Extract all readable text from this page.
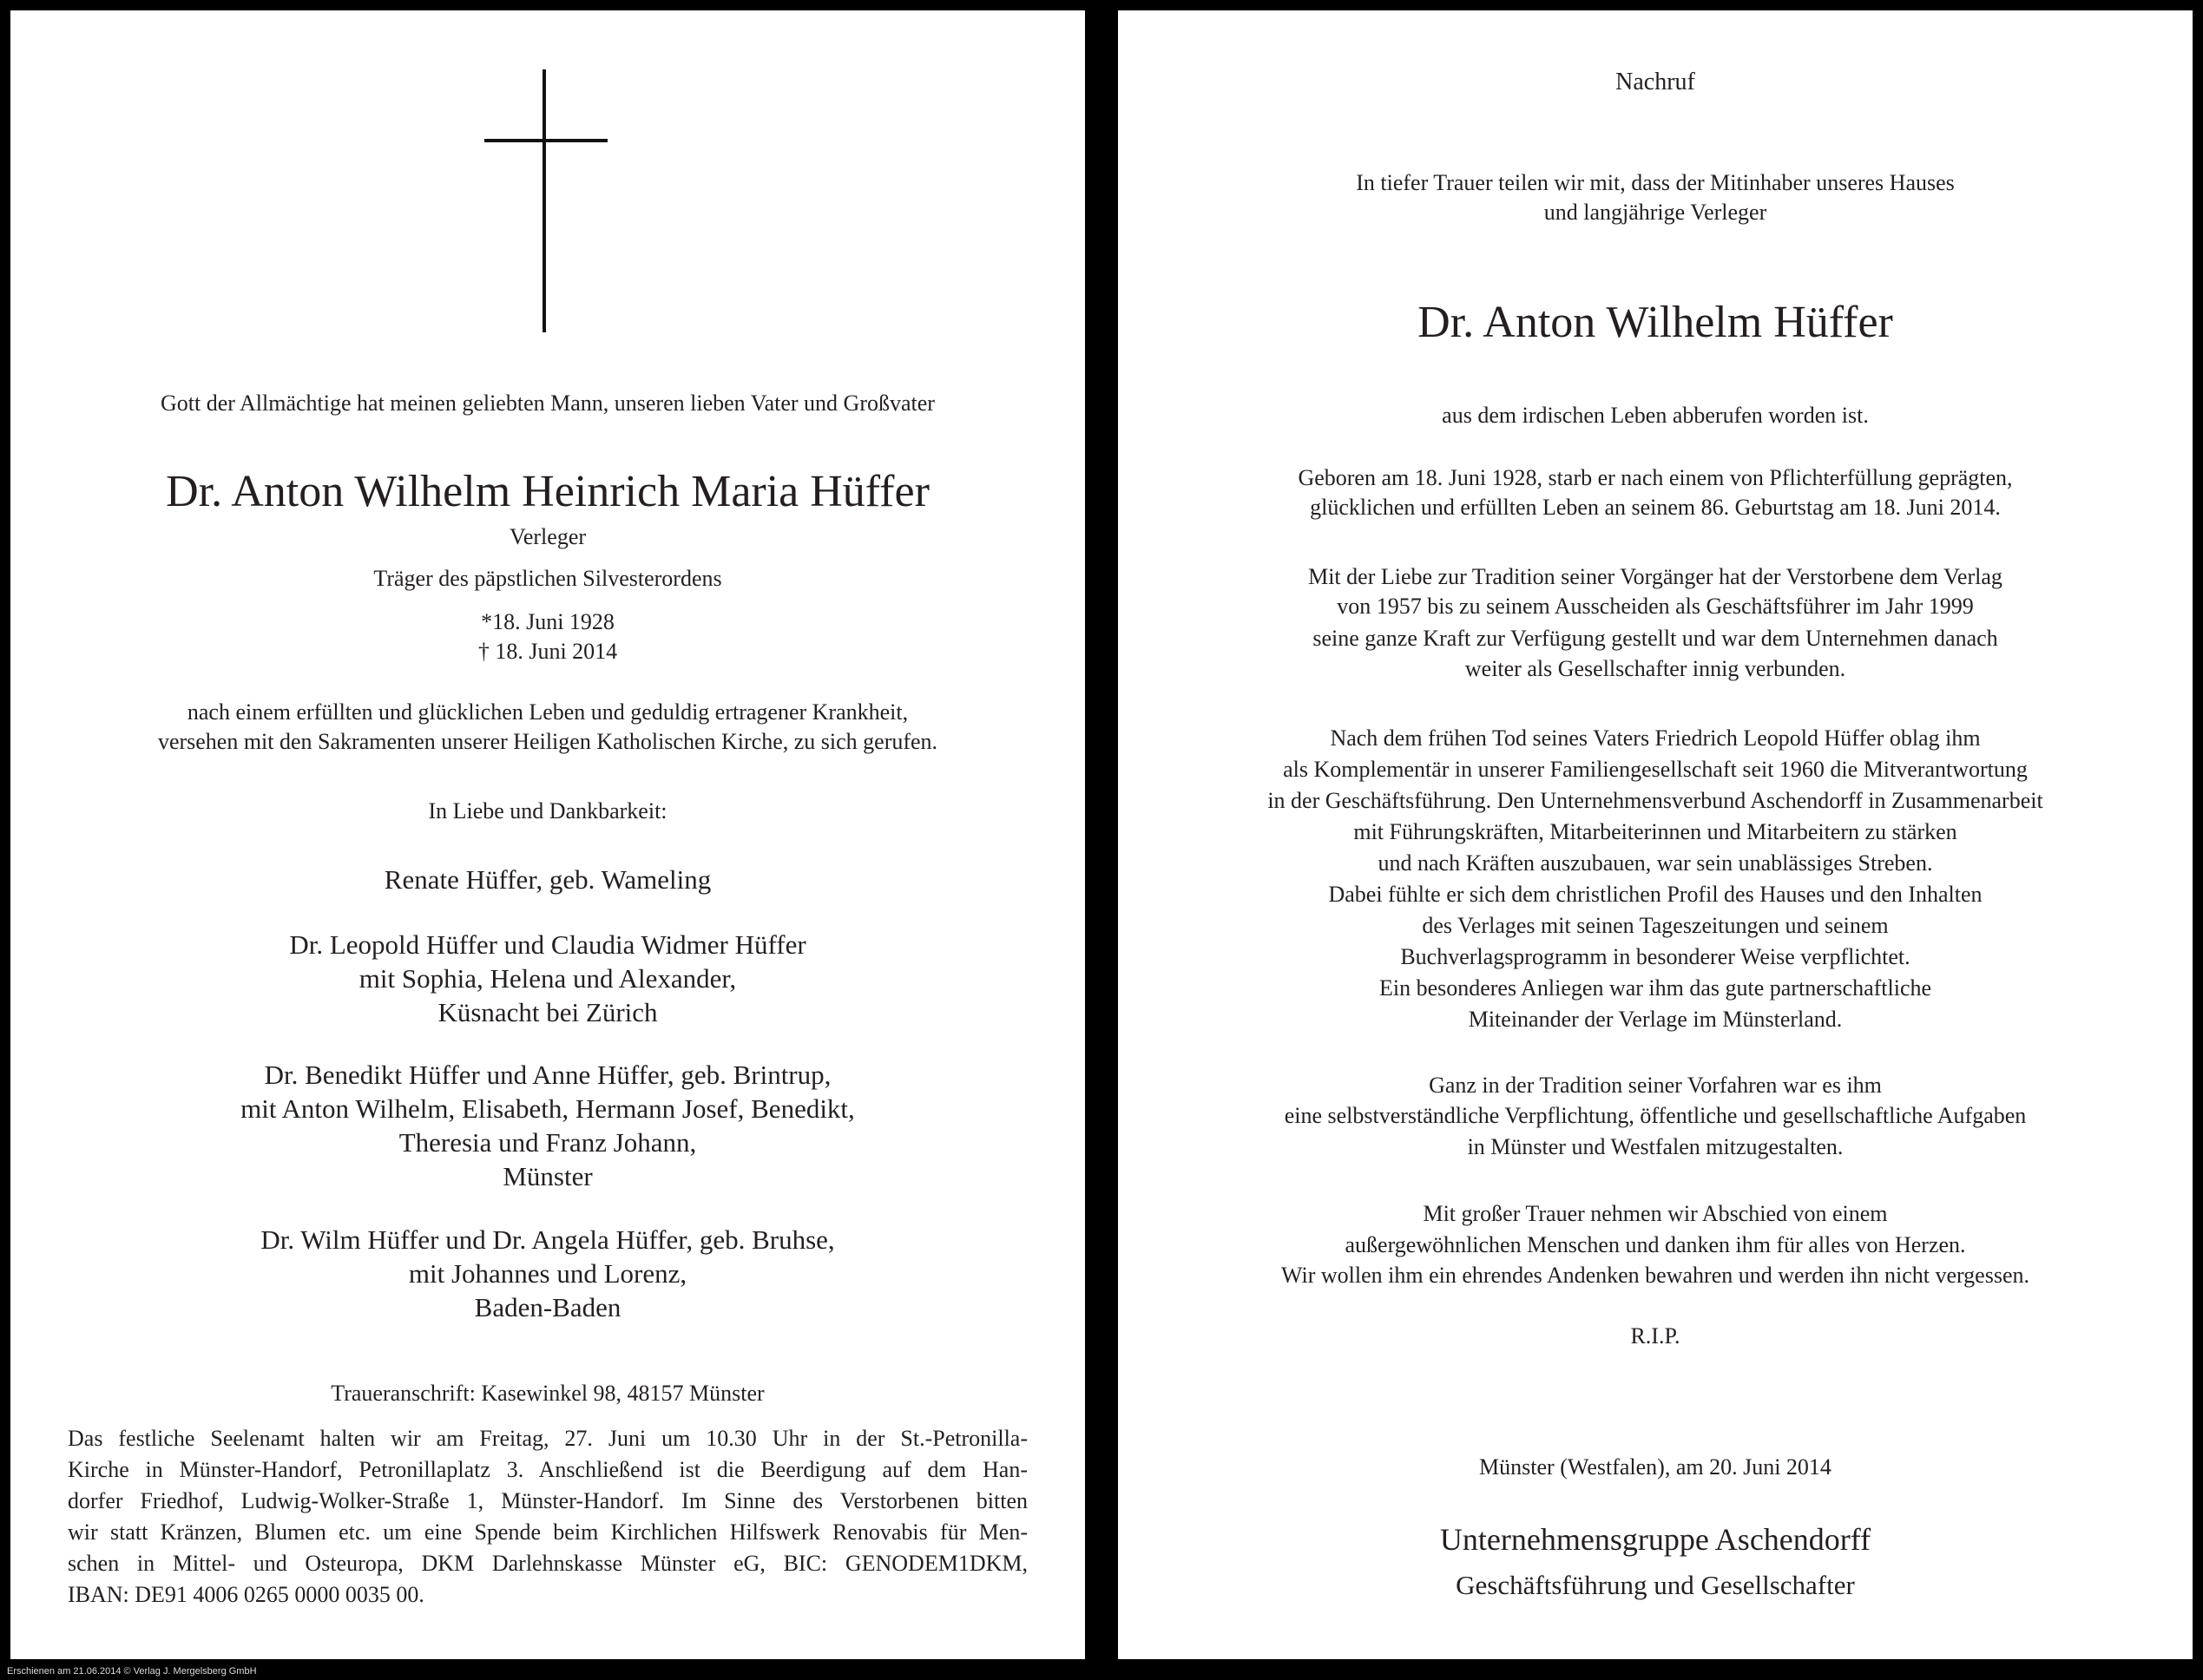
Gott der Allmächtige hat meinen geliebten Mann, unseren lieben Vater und Großvater

Dr. Anton Wilhelm Heinrich Maria Hüffer

Verleger

Träger des päpstlichen Silvesterordens

*18. Juni 1928

† 18. Juni 2014

nach einem erfüllten und glücklichen Leben und geduldig ertragener Krankheit,

versehen mit den Sakramenten unserer Heiligen Katholischen Kirche, zu sich gerufen.

In Liebe und Dankbarkeit:

Renate Hüffer, geb. Wameling

Dr. Leopold Hüffer und Claudia Widmer Hüffer

mit Sophia, Helena und Alexander,

Küsnacht bei Zürich

Dr. Benedikt Hüffer und Anne Hüffer, geb. Brintrup,

mit Anton Wilhelm, Elisabeth, Hermann Josef, Benedikt,

Theresia und Franz Johann,

Münster

Dr. Wilm Hüffer und Dr. Angela Hüffer, geb. Bruhse,

mit Johannes und Lorenz,

Baden-Baden

Traueranschrift: Kasewinkel 98, 48157 Münster

Das festliche Seelenamt halten wir am Freitag, 27. Juni um 10.30 Uhr in der St.-Petronilla-
Kirche in Münster-Handorf, Petronillaplatz 3. Anschließend ist die Beerdigung auf dem Han-
dorfer Friedhof, Ludwig-Wolker-Straße 1, Münster-Handorf. Im Sinne des Verstorbenen bitten
wir statt Kränzen, Blumen etc. um eine Spende beim Kirchlichen Hilfswerk Renovabis für Men-
schen in Mittel- und Osteuropa, DKM Darlehnskasse Münster eG, BIC: GENODEM1DKM,
IBAN: DE91 4006 0265 0000 0035 00.

Nachruf

In tiefer Trauer teilen wir mit, dass der Mitinhaber unseres Hauses

und langjährige Verleger

Dr. Anton Wilhelm Hüffer

aus dem irdischen Leben abberufen worden ist.

Geboren am 18. Juni 1928, starb er nach einem von Pflichterfüllung geprägten,

glücklichen und erfüllten Leben an seinem 86. Geburtstag am 18. Juni 2014.

Mit der Liebe zur Tradition seiner Vorgänger hat der Verstorbene dem Verlag

von 1957 bis zu seinem Ausscheiden als Geschäftsführer im Jahr 1999

seine ganze Kraft zur Verfügung gestellt und war dem Unternehmen danach

weiter als Gesellschafter innig verbunden.

Nach dem frühen Tod seines Vaters Friedrich Leopold Hüffer oblag ihm

als Komplementär in unserer Familiengesellschaft seit 1960 die Mitverantwortung

in der Geschäftsführung. Den Unternehmensverbund Aschendorff in Zusammenarbeit

mit Führungskräften, Mitarbeiterinnen und Mitarbeitern zu stärken

und nach Kräften auszubauen, war sein unablässiges Streben.

Dabei fühlte er sich dem christlichen Profil des Hauses und den Inhalten

des Verlages mit seinen Tageszeitungen und seinem

Buchverlagsprogramm in besonderer Weise verpflichtet.

Ein besonderes Anliegen war ihm das gute partnerschaftliche

Miteinander der Verlage im Münsterland.

Ganz in der Tradition seiner Vorfahren war es ihm

eine selbstverständliche Verpflichtung, öffentliche und gesellschaftliche Aufgaben

in Münster und Westfalen mitzugestalten.

Mit großer Trauer nehmen wir Abschied von einem

außergewöhnlichen Menschen und danken ihm für alles von Herzen.

Wir wollen ihm ein ehrendes Andenken bewahren und werden ihn nicht vergessen.

R.I.P.

Münster (Westfalen), am 20. Juni 2014

Unternehmensgruppe Aschendorff

Geschäftsführung und Gesellschafter

Erschienen am 21.06.2014 © Verlag J. Mergelsberg GmbH
